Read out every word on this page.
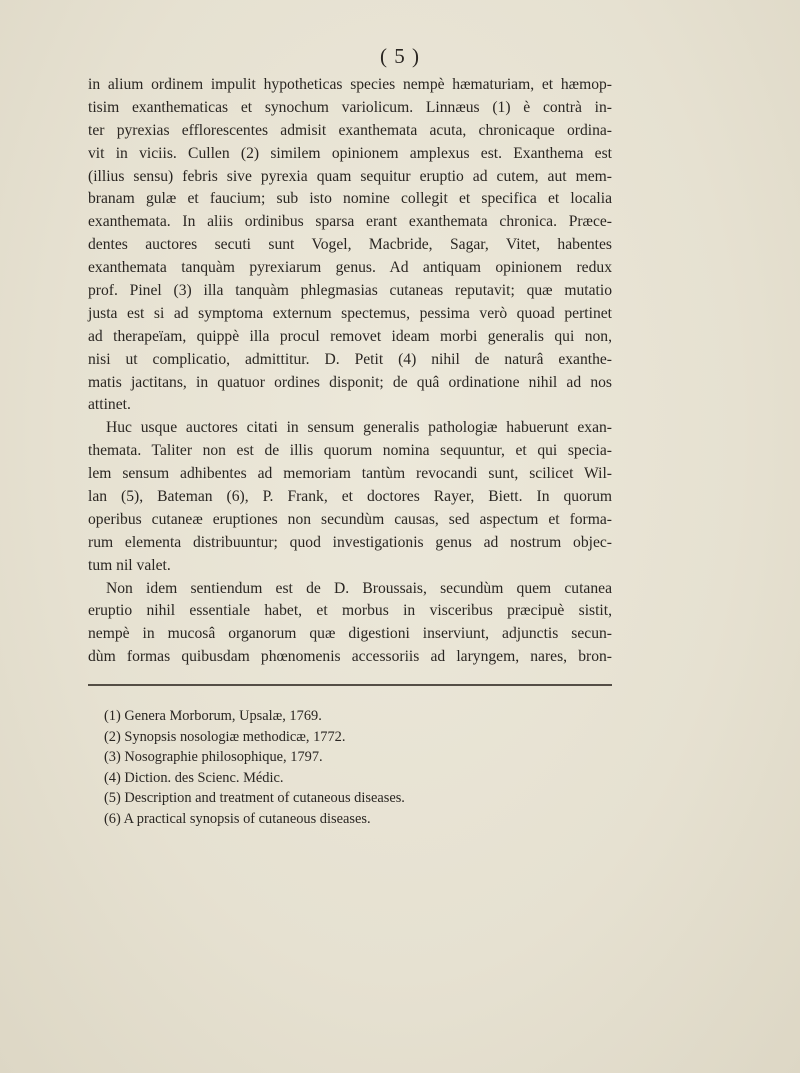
( 5 )
in alium ordinem impulit hypotheticas species nempè hæmaturiam, et hæmop-
tisim exanthematicas et synochum variolicum. Linnæus (1) è contrà in-
ter pyrexias efflorescentes admisit exanthemata acuta, chronicaque ordina-
vit in viciis. Cullen (2) similem opinionem amplexus est. Exanthema est
(illius sensu) febris sive pyrexia quam sequitur eruptio ad cutem, aut mem-
branam gulæ et faucium; sub isto nomine collegit et specifica et localia
exanthemata. In aliis ordinibus sparsa erant exanthemata chronica. Præce-
dentes auctores secuti sunt Vogel, Macbride, Sagar, Vitet, habentes
exanthemata tanquàm pyrexiarum genus. Ad antiquam opinionem redux
prof. Pinel (3) illa tanquàm phlegmasias cutaneas reputavit; quæ mutatio
justa est si ad symptoma externum spectemus, pessima verò quoad pertinet
ad therapeïam, quippè illa procul removet ideam morbi generalis qui non,
nisi ut complicatio, admittitur. D. Petit (4) nihil de naturâ exanthe-
matis jactitans, in quatuor ordines disponit; de quâ ordinatione nihil ad nos
attinet.
Huc usque auctores citati in sensum generalis pathologiæ habuerunt exan-
themata. Taliter non est de illis quorum nomina sequuntur, et qui specia-
lem sensum adhibentes ad memoriam tantùm revocandi sunt, scilicet Wil-
lan (5), Bateman (6), P. Frank, et doctores Rayer, Biett. In quorum
operibus cutaneæ eruptiones non secundùm causas, sed aspectum et forma-
rum elementa distribuuntur; quod investigationis genus ad nostrum objec-
tum nil valet.
Non idem sentiendum est de D. Broussais, secundùm quem cutanea
eruptio nihil essentiale habet, et morbus in visceribus præcipuè sistit,
nempè in mucosâ organorum quæ digestioni inserviunt, adjunctis secun-
dùm formas quibusdam phœnomenis accessoriis ad laryngem, nares, bron-
(1) Genera Morborum, Upsalæ, 1769.
(2) Synopsis nosologiæ methodicæ, 1772.
(3) Nosographie philosophique, 1797.
(4) Diction. des Scienc. Médic.
(5) Description and treatment of cutaneous diseases.
(6) A practical synopsis of cutaneous diseases.
